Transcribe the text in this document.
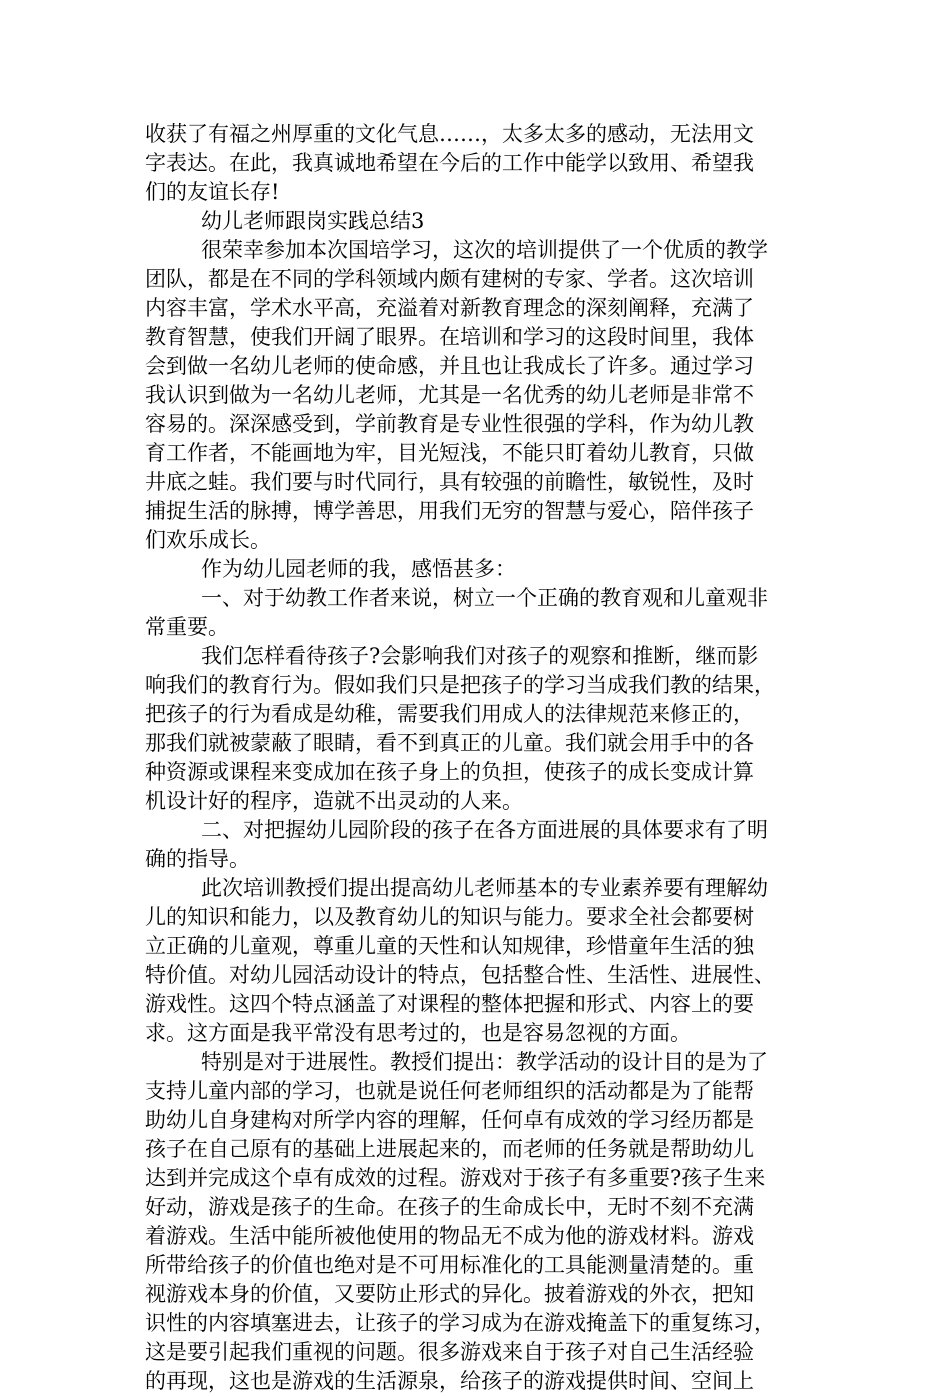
收获了有福之州厚重的文化气息……，太多太多的感动，无法用文
字表达。在此，我真诚地希望在今后的工作中能学以致用、希望我
们的友谊长存!
幼儿老师跟岗实践总结3
很荣幸参加本次国培学习，这次的培训提供了一个优质的教学
团队，都是在不同的学科领域内颇有建树的专家、学者。这次培训
内容丰富，学术水平高，充溢着对新教育理念的深刻阐释，充满了
教育智慧，使我们开阔了眼界。在培训和学习的这段时间里，我体
会到做一名幼儿老师的使命感，并且也让我成长了许多。通过学习
我认识到做为一名幼儿老师，尤其是一名优秀的幼儿老师是非常不
容易的。深深感受到，学前教育是专业性很强的学科，作为幼儿教
育工作者，不能画地为牢，目光短浅，不能只盯着幼儿教育，只做
井底之蛙。我们要与时代同行，具有较强的前瞻性，敏锐性，及时
捕捉生活的脉搏，博学善思，用我们无穷的智慧与爱心，陪伴孩子
们欢乐成长。
作为幼儿园老师的我，感悟甚多：
一、对于幼教工作者来说，树立一个正确的教育观和儿童观非
常重要。
我们怎样看待孩子?会影响我们对孩子的观察和推断，继而影
响我们的教育行为。假如我们只是把孩子的学习当成我们教的结果，
把孩子的行为看成是幼稚，需要我们用成人的法律规范来修正的，
那我们就被蒙蔽了眼睛，看不到真正的儿童。我们就会用手中的各
种资源或课程来变成加在孩子身上的负担，使孩子的成长变成计算
机设计好的程序，造就不出灵动的人来。
二、对把握幼儿园阶段的孩子在各方面进展的具体要求有了明
确的指导。
此次培训教授们提出提高幼儿老师基本的专业素养要有理解幼
儿的知识和能力，以及教育幼儿的知识与能力。要求全社会都要树
立正确的儿童观，尊重儿童的天性和认知规律，珍惜童年生活的独
特价值。对幼儿园活动设计的特点，包括整合性、生活性、进展性、
游戏性。这四个特点涵盖了对课程的整体把握和形式、内容上的要
求。这方面是我平常没有思考过的，也是容易忽视的方面。
特别是对于进展性。教授们提出：教学活动的设计目的是为了
支持儿童内部的学习，也就是说任何老师组织的活动都是为了能帮
助幼儿自身建构对所学内容的理解，任何卓有成效的学习经历都是
孩子在自己原有的基础上进展起来的，而老师的任务就是帮助幼儿
达到并完成这个卓有成效的过程。游戏对于孩子有多重要?孩子生来
好动，游戏是孩子的生命。在孩子的生命成长中，无时不刻不充满
着游戏。生活中能所被他使用的物品无不成为他的游戏材料。游戏
所带给孩子的价值也绝对是不可用标准化的工具能测量清楚的。重
视游戏本身的价值，又要防止形式的异化。披着游戏的外衣，把知
识性的内容填塞进去，让孩子的学习成为在游戏掩盖下的重复练习，
这是要引起我们重视的问题。很多游戏来自于孩子对自己生活经验
的再现，这也是游戏的生活源泉，给孩子的游戏提供时间、空间上
